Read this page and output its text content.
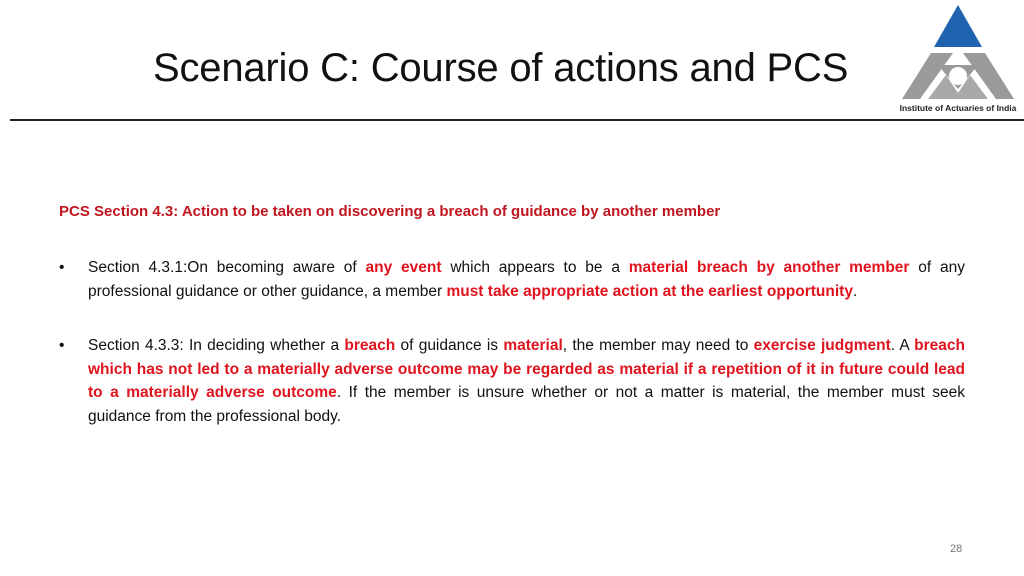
Scenario C: Course of actions and PCS
Institute of Actuaries of India
PCS Section 4.3: Action to be taken on discovering a breach of guidance by another member
• Section 4.3.1:On becoming aware of any event which appears to be a material breach by another member of any professional guidance or other guidance, a member must take appropriate action at the earliest opportunity.
• Section 4.3.3: In deciding whether a breach of guidance is material, the member may need to exercise judgment. A breach which has not led to a materially adverse outcome may be regarded as material if a repetition of it in future could lead to a materially adverse outcome. If the member is unsure whether or not a matter is material, the member must seek guidance from the professional body.
28
